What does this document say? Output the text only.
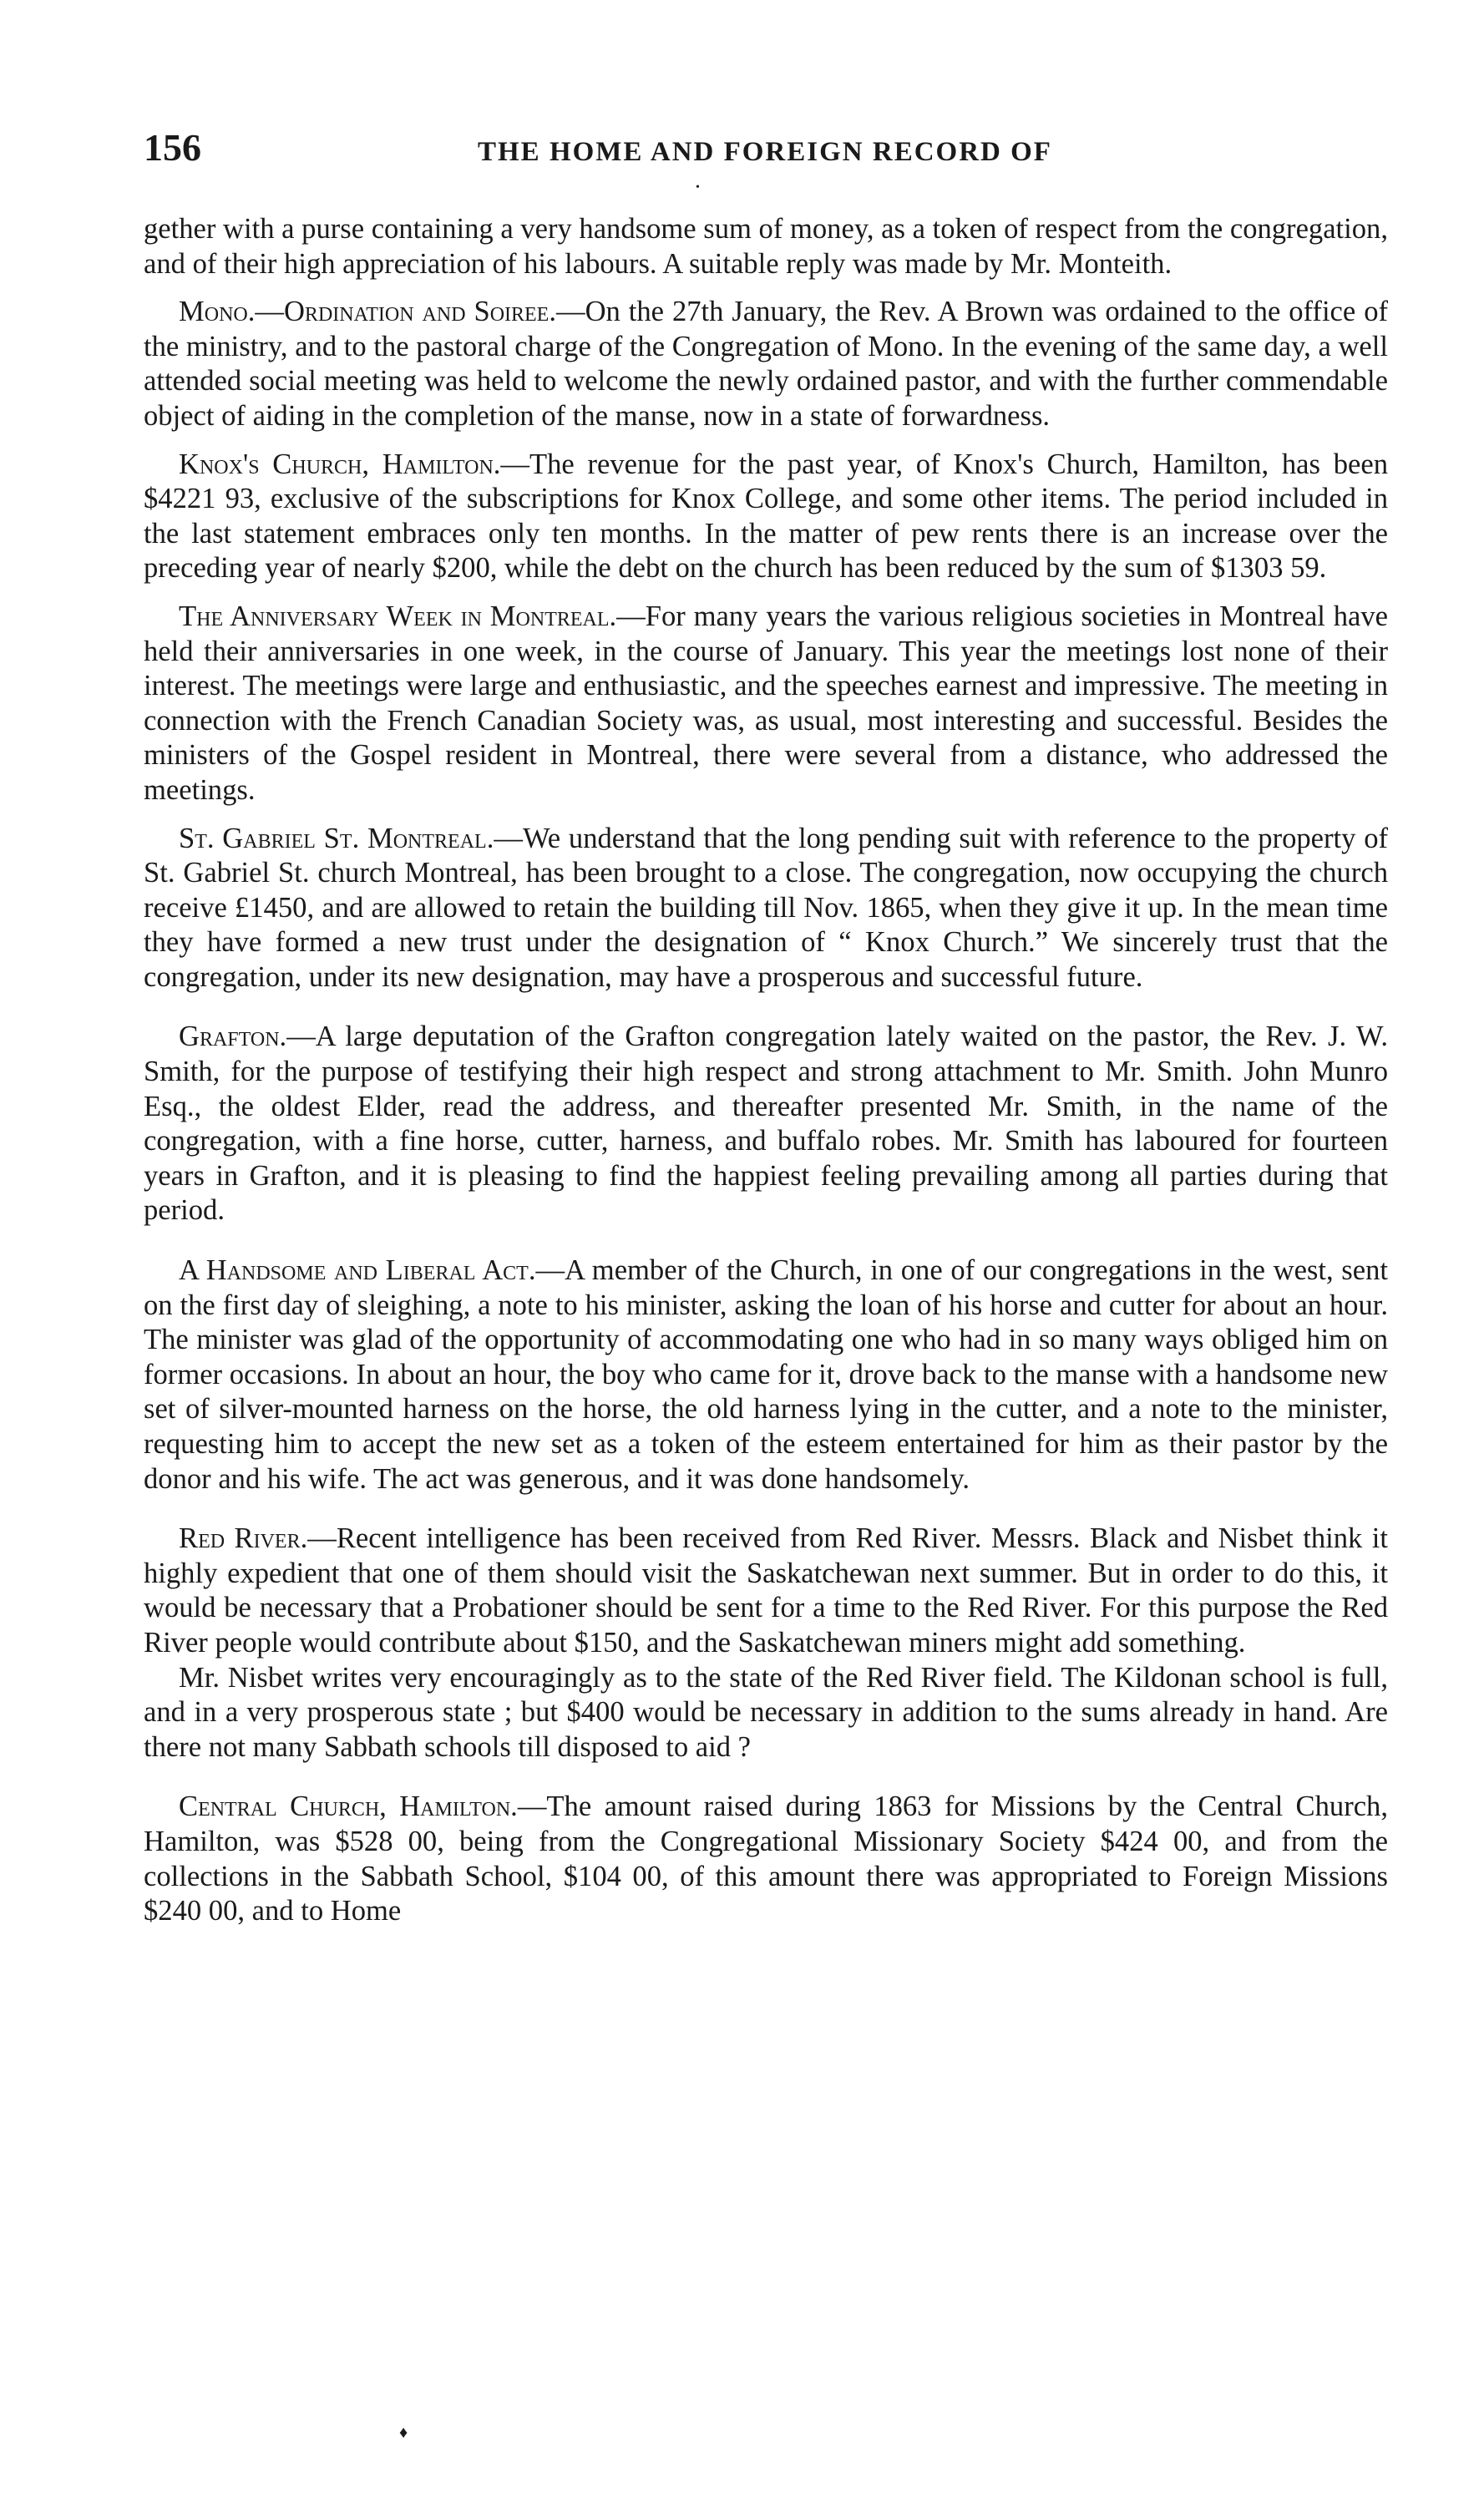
•
156	THE HOME AND FOREIGN RECORD OF

gether with a purse containing a very handsome sum of money, as a token of respect from the congregation, and of their high appreciation of his labours. A suitable reply was made by Mr. Monteith.

Mono.—Ordination and Soiree.—On the 27th January, the Rev. A Brown was ordained to the office of the ministry, and to the pastoral charge of the Congregation of Mono. In the evening of the same day, a well attended social meeting was held to welcome the newly ordained pastor, and with the further commendable object of aiding in the completion of the manse, now in a state of forwardness.

Knox's Church, Hamilton.—The revenue for the past year, of Knox's Church, Hamilton, has been $4221 93, exclusive of the subscriptions for Knox College, and some other items. The period included in the last statement embraces only ten months. In the matter of pew rents there is an increase over the preceding year of nearly $200, while the debt on the church has been reduced by the sum of $1303 59.

The Anniversary Week in Montreal.—For many years the various religious societies in Montreal have held their anniversaries in one week, in the course of January. This year the meetings lost none of their interest. The meetings were large and enthusiastic, and the speeches earnest and impressive. The meeting in connection with the French Canadian Society was, as usual, most interesting and successful. Besides the ministers of the Gospel resident in Montreal, there were several from a distance, who addressed the meetings.

St. Gabriel St. Montreal.—We understand that the long pending suit with reference to the property of St. Gabriel St. church Montreal, has been brought to a close. The congregation, now occupying the church receive £1450, and are allowed to retain the building till Nov. 1865, when they give it up. In the mean time they have formed a new trust under the designation of “ Knox Church.” We sincerely trust that the congregation, under its new designation, may have a prosperous and successful future.

Grafton.—A large deputation of the Grafton congregation lately waited on the pastor, the Rev. J. W. Smith, for the purpose of testifying their high respect and strong attachment to Mr. Smith. John Munro Esq., the oldest Elder, read the address, and thereafter presented Mr. Smith, in the name of the congregation, with a fine horse, cutter, harness, and buffalo robes. Mr. Smith has laboured for fourteen years in Grafton, and it is pleasing to find the happiest feeling prevailing among all parties during that period.

A Handsome and Liberal Act.—A member of the Church, in one of our congregations in the west, sent on the first day of sleighing, a note to his minister, asking the loan of his horse and cutter for about an hour. The minister was glad of the opportunity of accommodating one who had in so many ways obliged him on former occasions. In about an hour, the boy who came for it, drove back to the manse with a handsome new set of silver-mounted harness on the horse, the old harness lying in the cutter, and a note to the minister, requesting him to accept the new set as a token of the esteem entertained for him as their pastor by the donor and his wife. The act was generous, and it was done handsomely.

Red River.—Recent intelligence has been received from Red River. Messrs. Black and Nisbet think it highly expedient that one of them should visit the Saskatchewan next summer. But in order to do this, it would be necessary that a Probationer should be sent for a time to the Red River. For this purpose the Red River people would contribute about $150, and the Saskatchewan miners might add something.

Mr. Nisbet writes very encouragingly as to the state of the Red River field. The Kildonan school is full, and in a very prosperous state ; but $400 would be necessary in addition to the sums already in hand. Are there not many Sabbath schools till disposed to aid ?

Central Church, Hamilton.—The amount raised during 1863 for Missions by the Central Church, Hamilton, was $528 00, being from the Congregational Missionary Society $424 00, and from the collections in the Sabbath School, $104 00, of this amount there was appropriated to Foreign Missions $240 00, and to Home

♦
